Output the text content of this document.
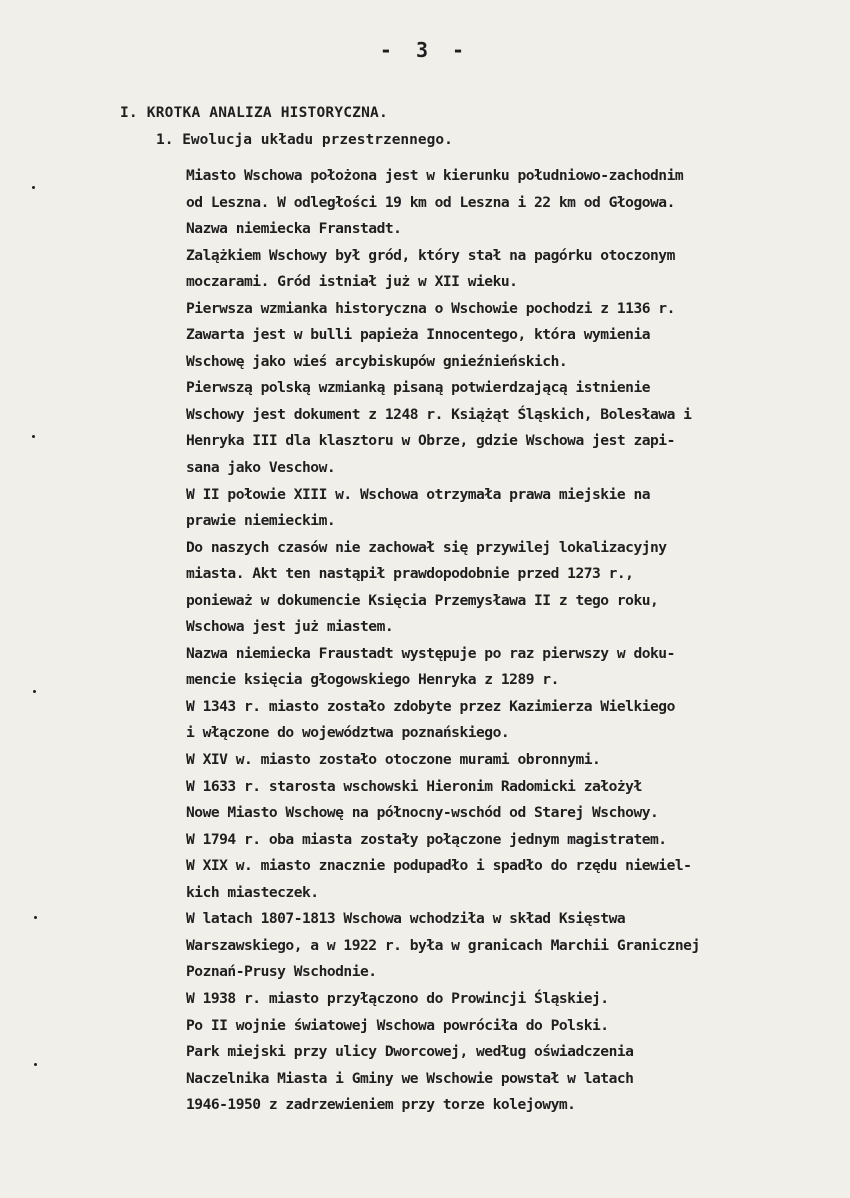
- 3 -
I. KROTKA ANALIZA HISTORYCZNA.
1. Ewolucja układu przestrzennego.
Miasto Wschowa położona jest w kierunku południowo-zachodnim
od Leszna. W odległości 19 km od Leszna i 22 km od Głogowa.
Nazwa niemiecka Franstadt.
Zalążkiem Wschowy był gród, który stał na pagórku otoczonym
moczarami. Gród istniał już w XII wieku.
Pierwsza wzmianka historyczna o Wschowie pochodzi z 1136 r.
Zawarta jest w bulli papieża Innocentego, która wymienia
Wschowę jako wieś arcybiskupów gnieźnieńskich.
Pierwszą polską wzmianką pisaną potwierdzającą istnienie
Wschowy jest dokument z 1248 r. Książąt Śląskich, Bolesława i
Henryka III dla klasztoru w Obrze, gdzie Wschowa jest zapi-
sana jako Veschow.
W II połowie XIII w. Wschowa otrzymała prawa miejskie na
prawie niemieckim.
Do naszych czasów nie zachował się przywilej lokalizacyjny
miasta. Akt ten nastąpił prawdopodobnie przed 1273 r.,
ponieważ w dokumencie Księcia Przemysława II z tego roku,
Wschowa jest już miastem.
Nazwa niemiecka Fraustadt występuje po raz pierwszy w doku-
mencie księcia głogowskiego Henryka z 1289 r.
W 1343 r. miasto zostało zdobyte przez Kazimierza Wielkiego
i włączone do województwa poznańskiego.
W XIV w. miasto zostało otoczone murami obronnymi.
W 1633 r. starosta wschowski Hieronim Radomicki założył
Nowe Miasto Wschowę na północny-wschód od Starej Wschowy.
W 1794 r. oba miasta zostały połączone jednym magistratem.
W XIX w. miasto znacznie podupadło i spadło do rzędu niewiel-
kich miasteczek.
W latach 1807-1813 Wschowa wchodziła w skład Księstwa
Warszawskiego, a w 1922 r. była w granicach Marchii Granicznej
Poznań-Prusy Wschodnie.
W 1938 r. miasto przyłączono do Prowincji Śląskiej.
Po II wojnie światowej Wschowa powróciła do Polski.
Park miejski przy ulicy Dworcowej, według oświadczenia
Naczelnika Miasta i Gminy we Wschowie powstał w latach
1946-1950 z zadrzewieniem przy torze kolejowym.
